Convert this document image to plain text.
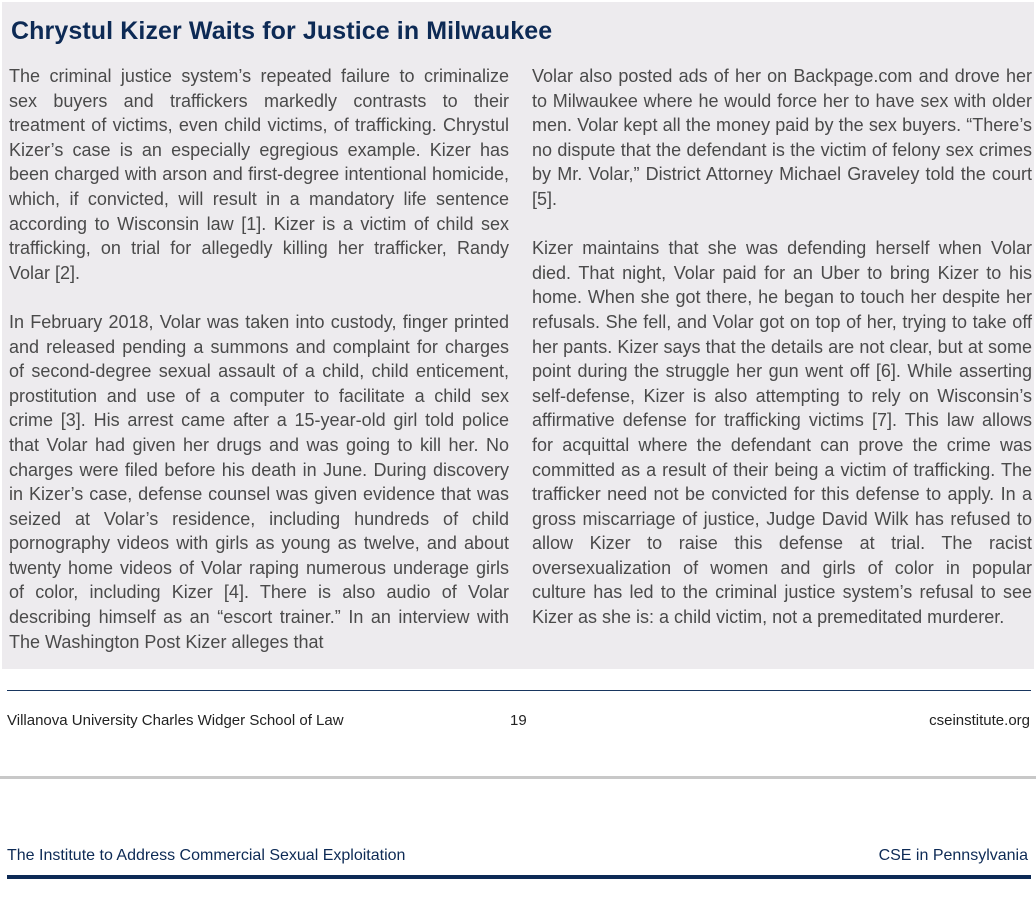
Chrystul Kizer Waits for Justice in Milwaukee

The criminal justice system’s repeated failure to criminalize sex buyers and traffickers markedly contrasts to their treatment of victims, even child victims, of trafficking. Chrystul Kizer’s case is an especially egregious example. Kizer has been charged with arson and first-degree intentional homicide, which, if convicted, will result in a mandatory life sentence according to Wisconsin law [1]. Kizer is a victim of child sex trafficking, on trial for allegedly killing her trafficker, Randy Volar [2].

In February 2018, Volar was taken into custody, finger printed and released pending a summons and complaint for charges of second-degree sexual assault of a child, child enticement, prostitution and use of a computer to facilitate a child sex crime [3]. His arrest came after a 15-year-old girl told police that Volar had given her drugs and was going to kill her. No charges were filed before his death in June. During discovery in Kizer’s case, defense counsel was given evidence that was seized at Volar’s residence, including hundreds of child pornography videos with girls as young as twelve, and about twenty home videos of Volar raping numerous underage girls of color, including Kizer [4]. There is also audio of Volar describing himself as an “escort trainer.” In an interview with The Washington Post Kizer alleges that

Volar also posted ads of her on Backpage.com and drove her to Milwaukee where he would force her to have sex with older men. Volar kept all the money paid by the sex buyers. “There’s no dispute that the defendant is the victim of felony sex crimes by Mr. Volar,” District Attorney Michael Graveley told the court [5].

Kizer maintains that she was defending herself when Volar died. That night, Volar paid for an Uber to bring Kizer to his home. When she got there, he began to touch her despite her refusals. She fell, and Volar got on top of her, trying to take off her pants. Kizer says that the details are not clear, but at some point during the struggle her gun went off [6]. While asserting self-defense, Kizer is also attempting to rely on Wisconsin’s affirmative defense for trafficking victims [7]. This law allows for acquittal where the defendant can prove the crime was committed as a result of their being a victim of trafficking. The trafficker need not be convicted for this defense to apply. In a gross miscarriage of justice, Judge David Wilk has refused to allow Kizer to raise this defense at trial. The racist oversexualization of women and girls of color in popular culture has led to the criminal justice system’s refusal to see Kizer as she is: a child victim, not a premeditated murderer.

Villanova University Charles Widger School of Law	19	cseinstitute.org
The Institute to Address Commercial Sexual Exploitation	CSE in Pennsylvania
